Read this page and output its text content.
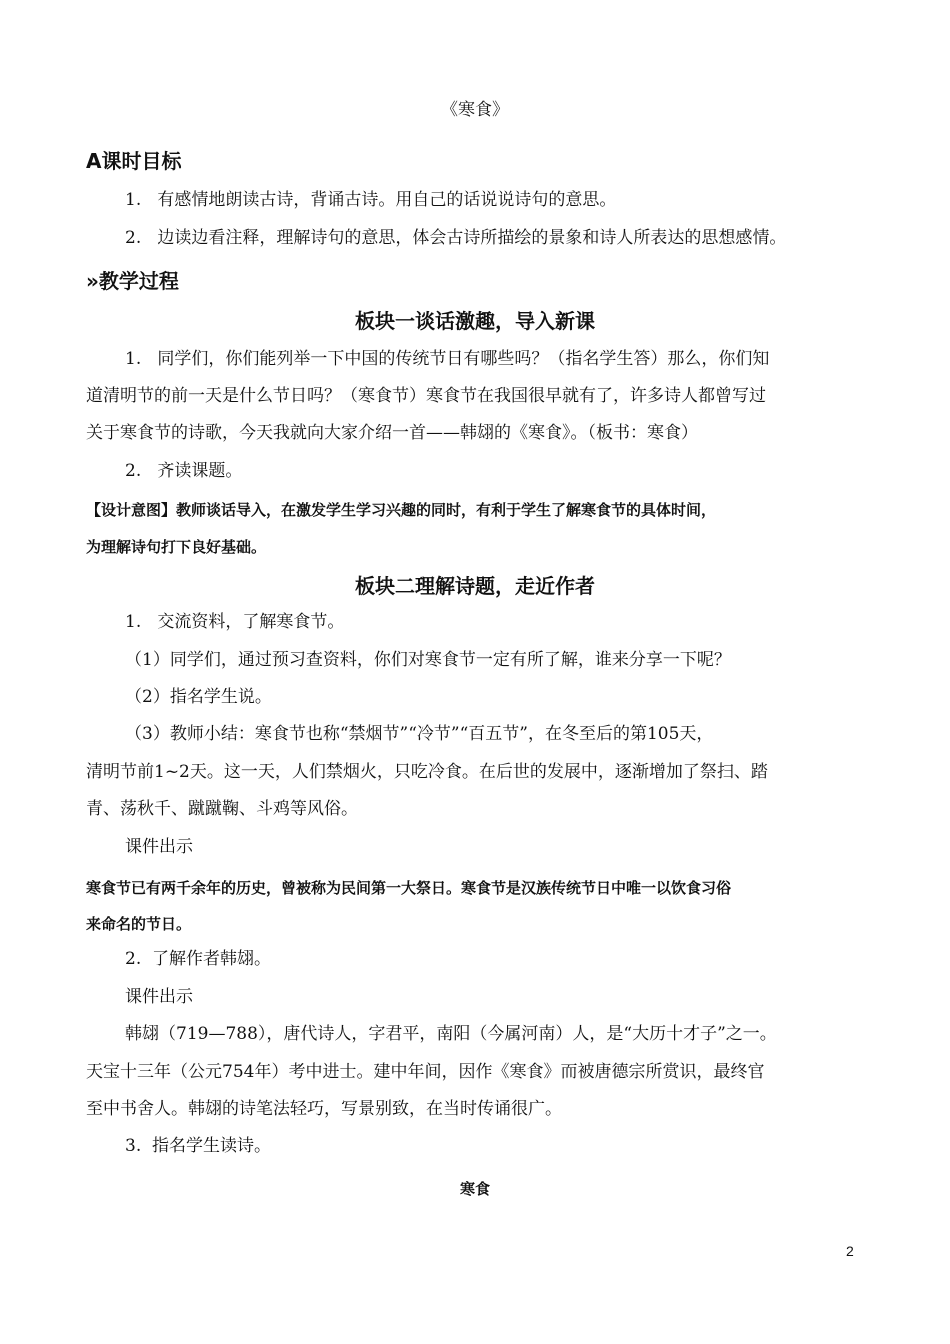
《寒食》
A课时目标
1.   有感情地朗读古诗，背诵古诗。用自己的话说说诗句的意思。
2.   边读边看注释，理解诗句的意思，体会古诗所描绘的景象和诗人所表达的思想感情。
»教学过程
板块一谈话激趣，导入新课
1.   同学们，你们能列举一下中国的传统节日有哪些吗？（指名学生答）那么，你们知
道清明节的前一天是什么节日吗？（寒食节）寒食节在我国很早就有了，许多诗人都曾写过
关于寒食节的诗歌，今天我就向大家介绍一首——韩翃的《寒食》。（板书：寒食）
2.   齐读课题。
【设计意图】教师谈话导入，在激发学生学习兴趣的同时，有利于学生了解寒食节的具体时间，
为理解诗句打下良好基础。
板块二理解诗题，走近作者
1.   交流资料，了解寒食节。
（1）同学们，通过预习查资料，你们对寒食节一定有所了解，谁来分享一下呢？
（2）指名学生说。
（3）教师小结：寒食节也称“禁烟节”“冷节”“百五节”，在冬至后的第105天，
清明节前1~2天。这一天，人们禁烟火，只吃冷食。在后世的发展中，逐渐增加了祭扫、踏
青、荡秋千、蹴蹴鞠、斗鸡等风俗。
课件出示
寒食节已有两千余年的历史，曾被称为民间第一大祭日。寒食节是汉族传统节日中唯一以饮食习俗
来命名的节日。
2.  了解作者韩翃。
课件出示
韩翃（719—788），唐代诗人，字君平，南阳（今属河南）人，是“大历十才子”之一。
天宝十三年（公元754年）考中进士。建中年间，因作《寒食》而被唐德宗所赏识，最终官
至中书舍人。韩翃的诗笔法轻巧，写景别致，在当时传诵很广。
3.  指名学生读诗。
寒食
2
